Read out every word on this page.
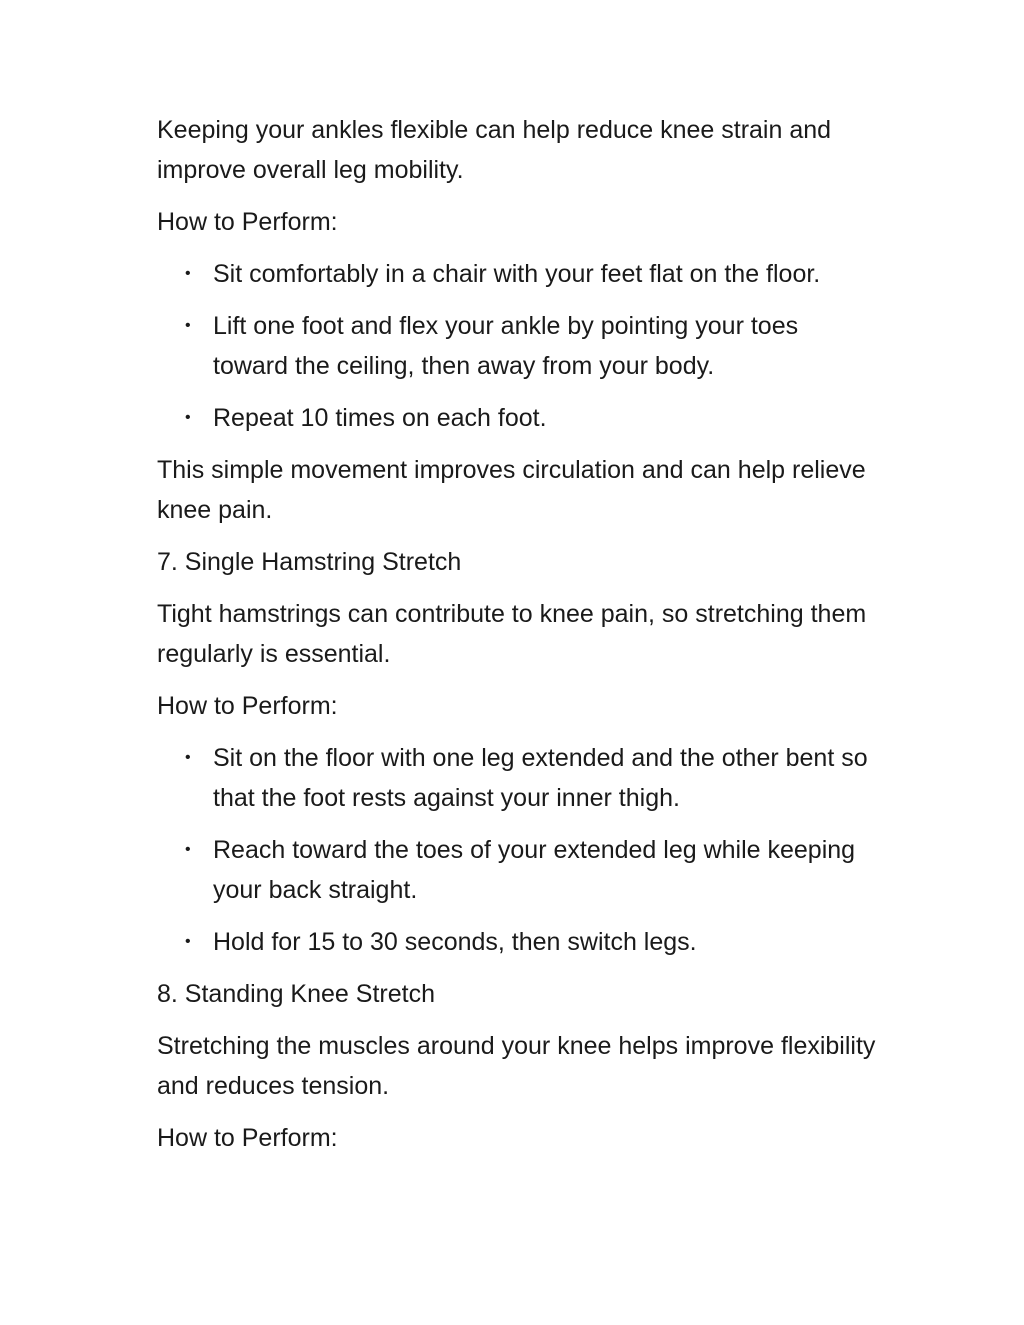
Keeping your ankles flexible can help reduce knee strain and improve overall leg mobility.

How to Perform:

• Sit comfortably in a chair with your feet flat on the floor.
• Lift one foot and flex your ankle by pointing your toes toward the ceiling, then away from your body.
• Repeat 10 times on each foot.

This simple movement improves circulation and can help relieve knee pain.

7. Single Hamstring Stretch

Tight hamstrings can contribute to knee pain, so stretching them regularly is essential.

How to Perform:

• Sit on the floor with one leg extended and the other bent so that the foot rests against your inner thigh.
• Reach toward the toes of your extended leg while keeping your back straight.
• Hold for 15 to 30 seconds, then switch legs.

8. Standing Knee Stretch

Stretching the muscles around your knee helps improve flexibility and reduces tension.

How to Perform:
